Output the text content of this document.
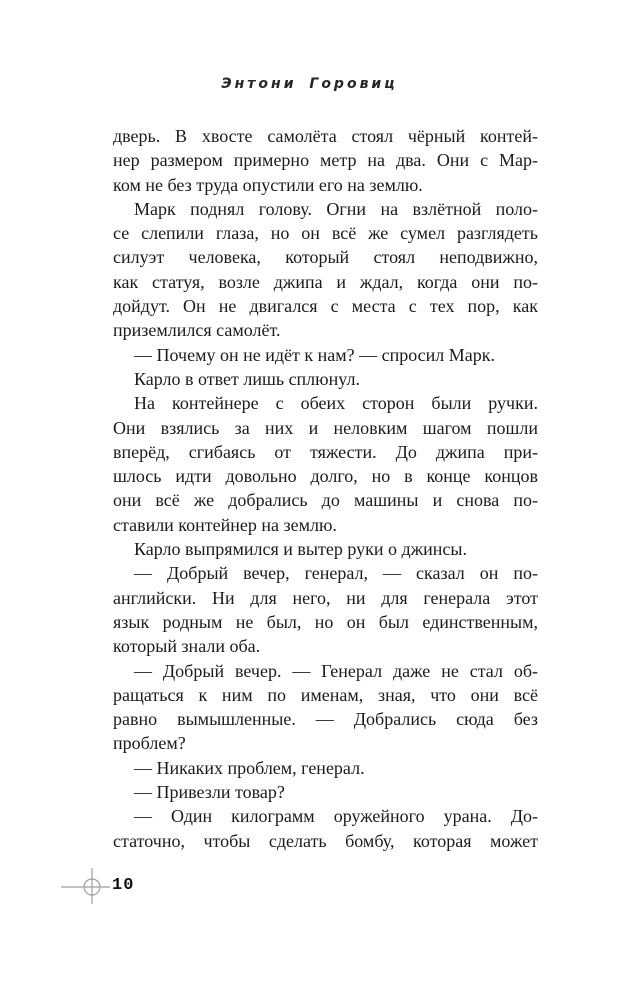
Энтони Горовиц
дверь. В хвосте самолёта стоял чёрный контей-
нер размером примерно метр на два. Они с Мар-
ком не без труда опустили его на землю.
Марк поднял голову. Огни на взлётной поло-
се слепили глаза, но он всё же сумел разглядеть
силуэт человека, который стоял неподвижно,
как статуя, возле джипа и ждал, когда они по-
дойдут. Он не двигался с места с тех пор, как
приземлился самолёт.
— Почему он не идёт к нам? — спросил Марк.
Карло в ответ лишь сплюнул.
На контейнере с обеих сторон были ручки.
Они взялись за них и неловким шагом пошли
вперёд, сгибаясь от тяжести. До джипа при-
шлось идти довольно долго, но в конце концов
они всё же добрались до машины и снова по-
ставили контейнер на землю.
Карло выпрямился и вытер руки о джинсы.
— Добрый вечер, генерал, — сказал он по-
английски. Ни для него, ни для генерала этот
язык родным не был, но он был единственным,
который знали оба.
— Добрый вечер. — Генерал даже не стал об-
ращаться к ним по именам, зная, что они всё
равно вымышленные. — Добрались сюда без
проблем?
— Никаких проблем, генерал.
— Привезли товар?
— Один килограмм оружейного урана. До-
статочно, чтобы сделать бомбу, которая может
10
